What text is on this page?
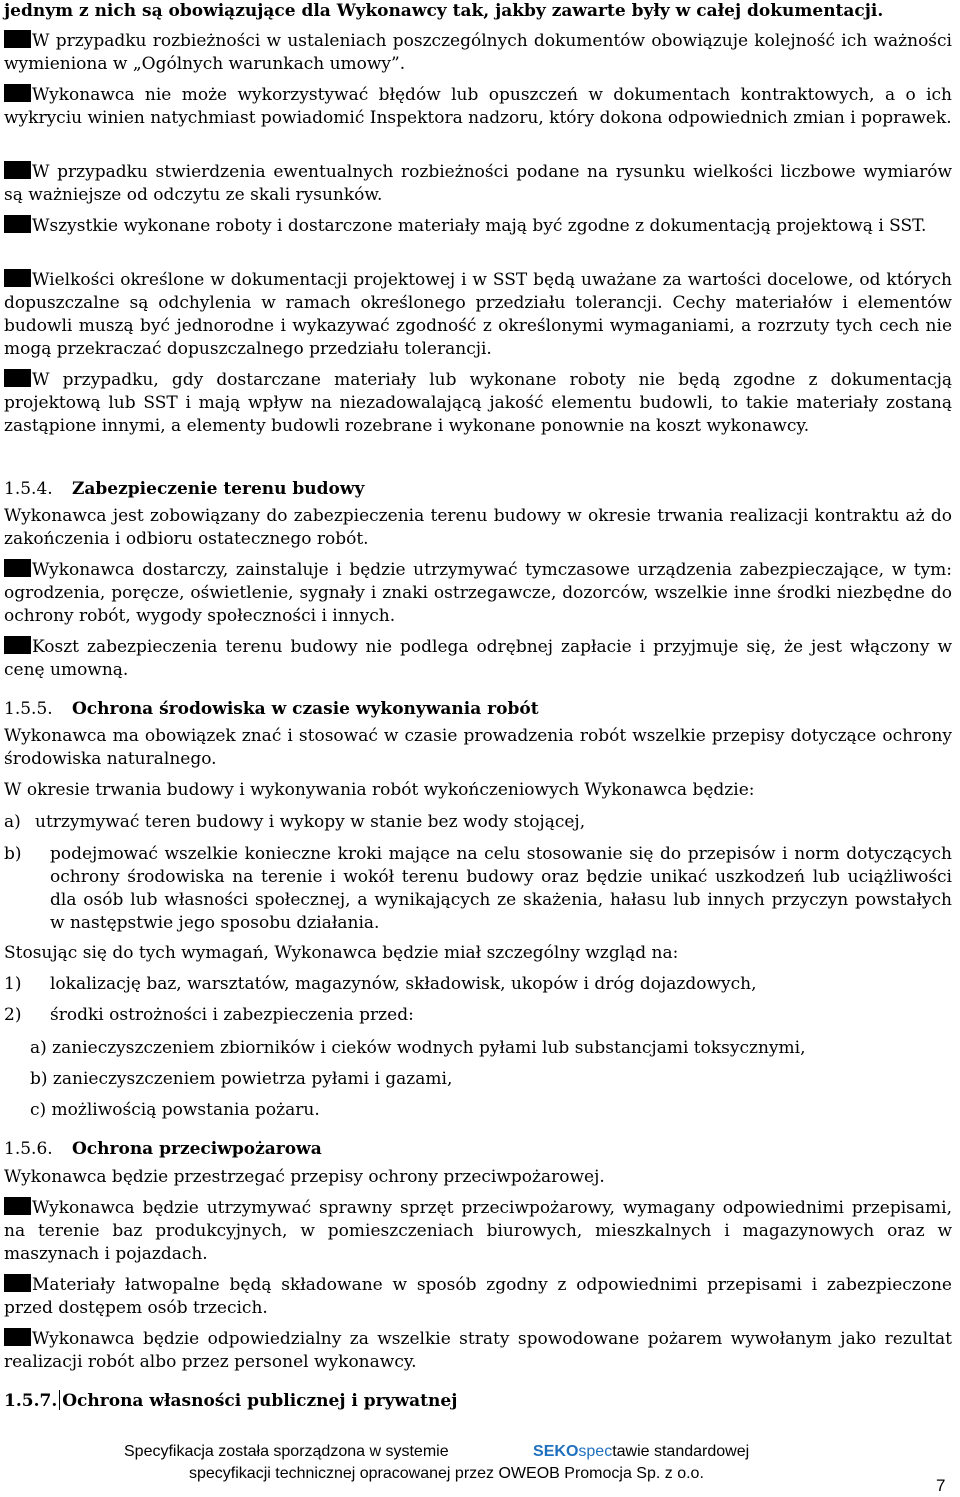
jednym z nich są obowiązujące dla Wykonawcy tak, jakby zawarte były w całej dokumentacji.

W przypadku rozbieżności w ustaleniach poszczególnych dokumentów obowiązuje kolejność ich ważności wymieniona w „Ogólnych warunkach umowy”.

Wykonawca nie może wykorzystywać błędów lub opuszczeń w dokumentach kontraktowych, a o ich wykryciu winien natychmiast powiadomić Inspektora nadzoru, który dokona odpowiednich zmian i poprawek.

W przypadku stwierdzenia ewentualnych rozbieżności podane na rysunku wielkości liczbowe wymiarów są ważniejsze od odczytu ze skali rysunków.

Wszystkie wykonane roboty i dostarczone materiały mają być zgodne z dokumentacją projektową i SST.

Wielkości określone w dokumentacji projektowej i w SST będą uważane za wartości docelowe, od których dopuszczalne są odchylenia w ramach określonego przedziału tolerancji. Cechy materiałów i elementów budowli muszą być jednorodne i wykazywać zgodność z określonymi wymaganiami, a rozrzuty tych cech nie mogą przekraczać dopuszczalnego przedziału tolerancji.

W przypadku, gdy dostarczane materiały lub wykonane roboty nie będą zgodne z dokumentacją projektową lub SST i mają wpływ na niezadowalającą jakość elementu budowli, to takie materiały zostaną zastąpione innymi, a elementy budowli rozebrane i wykonane ponownie na koszt wykonawcy.

1.5.4. Zabezpieczenie terenu budowy

Wykonawca jest zobowiązany do zabezpieczenia terenu budowy w okresie trwania realizacji kontraktu aż do zakończenia i odbioru ostatecznego robót.

Wykonawca dostarczy, zainstaluje i będzie utrzymywać tymczasowe urządzenia zabezpieczające, w tym: ogrodzenia, poręcze, oświetlenie, sygnały i znaki ostrzegawcze, dozorców, wszelkie inne środki niezbędne do ochrony robót, wygody społeczności i innych.

Koszt zabezpieczenia terenu budowy nie podlega odrębnej zapłacie i przyjmuje się, że jest włączony w cenę umowną.

1.5.5. Ochrona środowiska w czasie wykonywania robót

Wykonawca ma obowiązek znać i stosować w czasie prowadzenia robót wszelkie przepisy dotyczące ochrony środowiska naturalnego.

W okresie trwania budowy i wykonywania robót wykończeniowych Wykonawca będzie:

a) utrzymywać teren budowy i wykopy w stanie bez wody stojącej,

b) podejmować wszelkie konieczne kroki mające na celu stosowanie się do przepisów i norm dotyczących ochrony środowiska na terenie i wokół terenu budowy oraz będzie unikać uszkodzeń lub uciążliwości dla osób lub własności społecznej, a wynikających ze skażenia, hałasu lub innych przyczyn powstałych w następstwie jego sposobu działania.

Stosując się do tych wymagań, Wykonawca będzie miał szczególny wzgląd na:

1) lokalizację baz, warsztatów, magazynów, składowisk, ukopów i dróg dojazdowych,

2) środki ostrożności i zabezpieczenia przed:

a) zanieczyszczeniem zbiorników i cieków wodnych pyłami lub substancjami toksycznymi,
b) zanieczyszczeniem powietrza pyłami i gazami,
c) możliwością powstania pożaru.
1.5.6. Ochrona przeciwpożarowa

Wykonawca będzie przestrzegać przepisy ochrony przeciwpożarowej.

Wykonawca będzie utrzymywać sprawny sprzęt przeciwpożarowy, wymagany odpowiednimi przepisami, na terenie baz produkcyjnych, w pomieszczeniach biurowych, mieszkalnych i magazynowych oraz w maszynach i pojazdach.

Materiały łatwopalne będą składowane w sposób zgodny z odpowiednimi przepisami i zabezpieczone przed dostępem osób trzecich.

Wykonawca będzie odpowiedzialny za wszelkie straty spowodowane pożarem wywołanym jako rezultat realizacji robót albo przez personel wykonawcy.

1.5.7. Ochrona własności publicznej i prywatnej
Specyfikacja została sporządzona w systemie	SEKOspectawie standardowej
specyfikacji technicznej opracowanej przez OWEOB Promocja Sp. z o.o.
7
